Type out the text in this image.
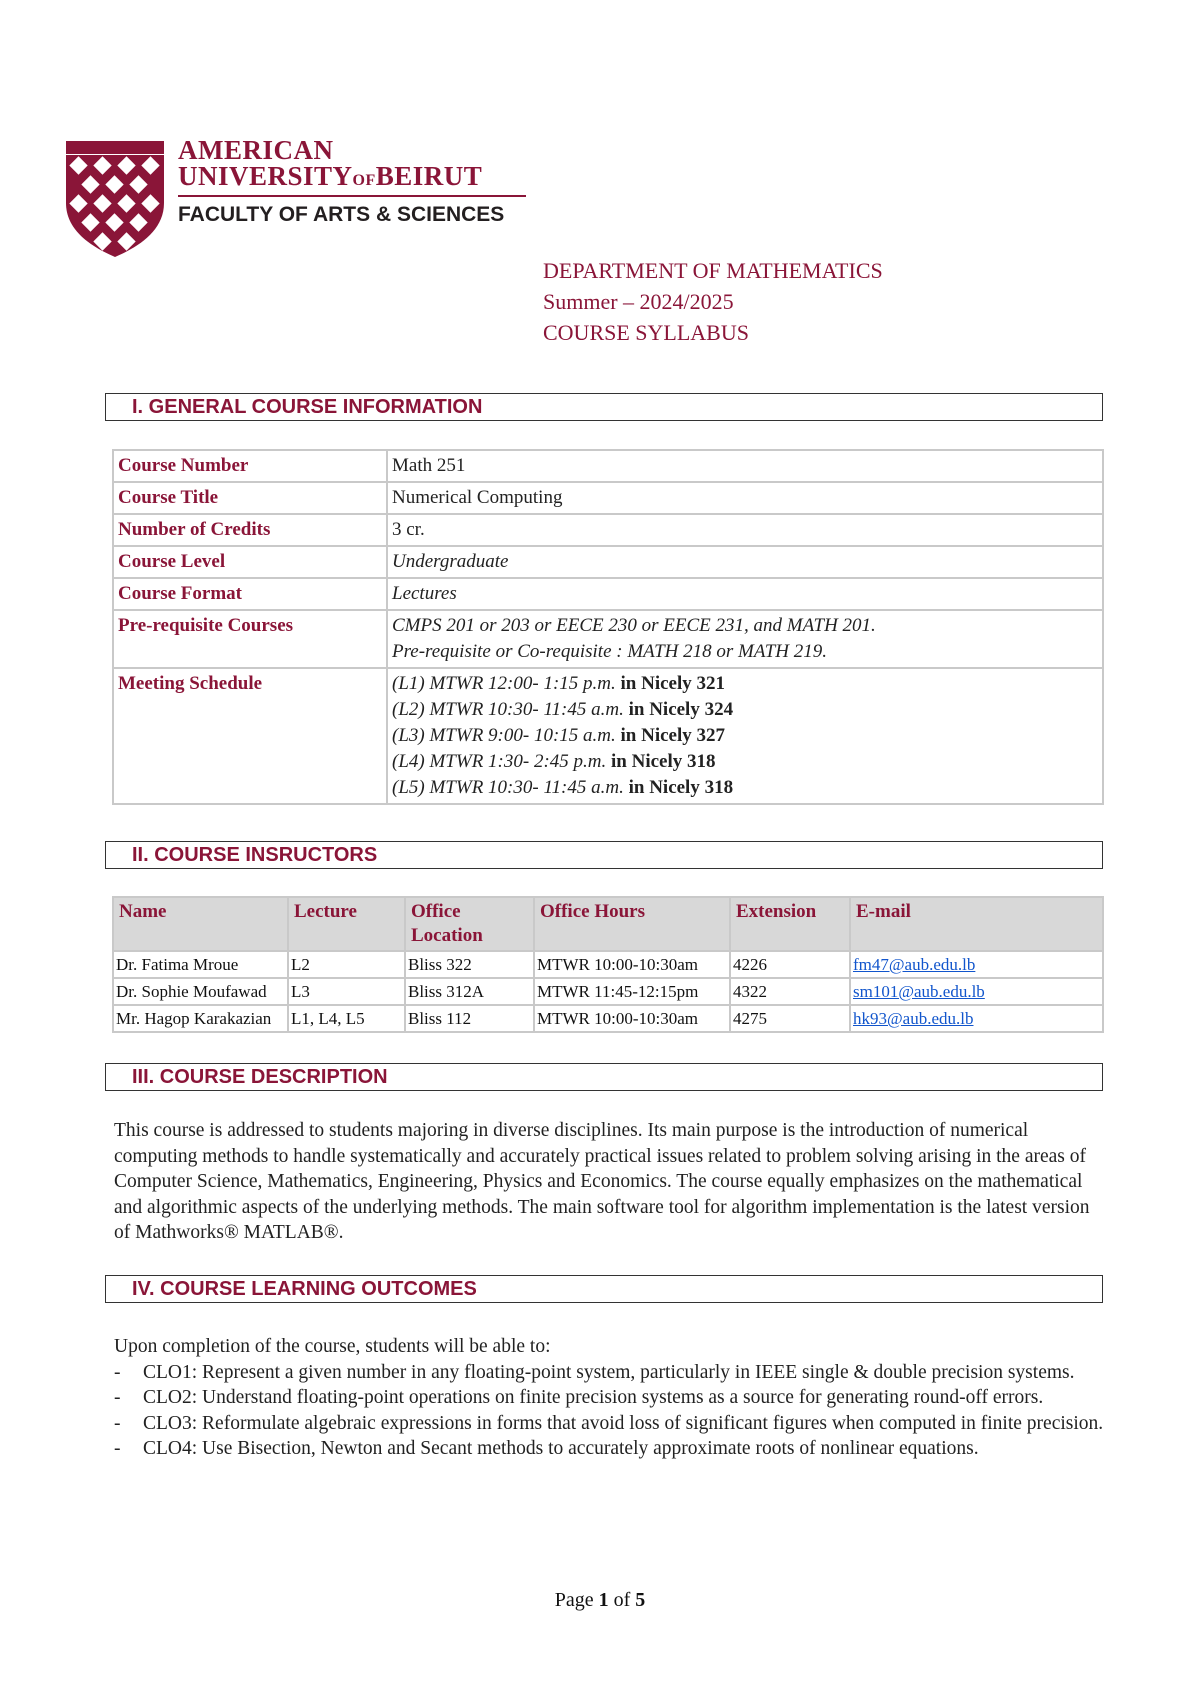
AMERICAN
UNIVERSITYOFBEIRUT
FACULTY OF ARTS & SCIENCES
DEPARTMENT OF MATHEMATICS
Summer – 2024/2025
COURSE SYLLABUS
I. GENERAL COURSE INFORMATION
Course Number	Math 251
Course Title	Numerical Computing
Number of Credits	3 cr.
Course Level	Undergraduate
Course Format	Lectures
Pre-requisite Courses	CMPS 201 or 203 or EECE 230 or EECE 231, and MATH 201.
Pre-requisite or Co-requisite : MATH 218 or MATH 219.

Meeting Schedule	(L1) MTWR 12:00- 1:15 p.m. in Nicely 321
(L2) MTWR 10:30- 11:45 a.m. in Nicely 324
(L3) MTWR 9:00- 10:15 a.m. in Nicely 327
(L4) MTWR 1:30- 2:45 p.m. in Nicely 318
(L5) MTWR 10:30- 11:45 a.m. in Nicely 318
II. COURSE INSRUCTORS
Name	Lecture	Office Location	Office Hours	Extension	E-mail
Dr. Fatima Mroue	L2	Bliss 322	MTWR 10:00-10:30am	4226	fm47@aub.edu.lb
Dr. Sophie Moufawad	L3	Bliss 312A	MTWR 11:45-12:15pm	4322	sm101@aub.edu.lb
Mr. Hagop Karakazian	L1, L4, L5	Bliss 112	MTWR 10:00-10:30am	4275	hk93@aub.edu.lb
III. COURSE DESCRIPTION

This course is addressed to students majoring in diverse disciplines. Its main purpose is the introduction of numerical computing methods to handle systematically and accurately practical issues related to problem solving arising in the areas of Computer Science, Mathematics, Engineering, Physics and Economics. The course equally emphasizes on the mathematical and algorithmic aspects of the underlying methods. The main software tool for algorithm implementation is the latest version of Mathworks® MATLAB®.

IV. COURSE LEARNING OUTCOMES

Upon completion of the course, students will be able to:

- CLO1: Represent a given number in any floating-point system, particularly in IEEE single & double precision systems.
- CLO2: Understand floating-point operations on finite precision systems as a source for generating round-off errors.
- CLO3: Reformulate algebraic expressions in forms that avoid loss of significant figures when computed in finite precision.
- CLO4: Use Bisection, Newton and Secant methods to accurately approximate roots of nonlinear equations.
Page 1 of 5
